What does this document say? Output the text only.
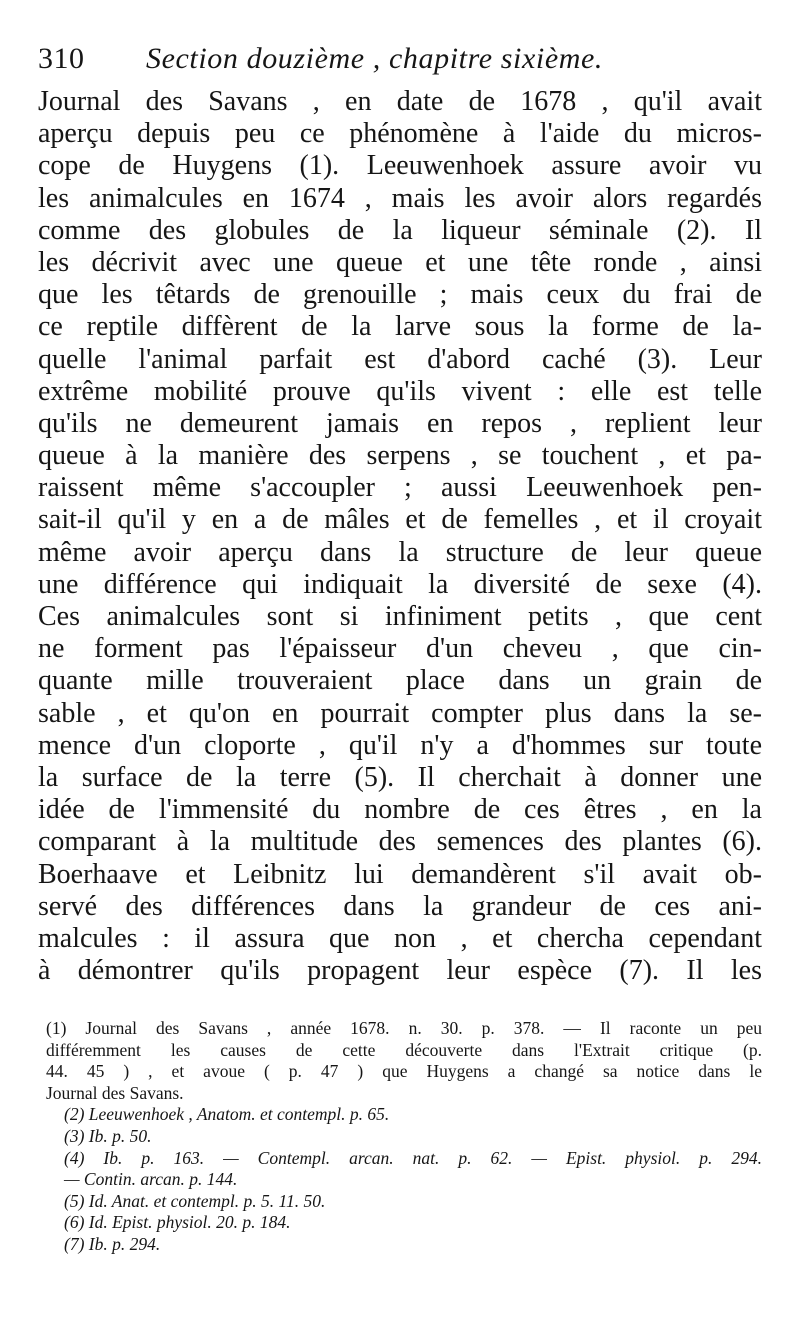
310 Section douzième , chapitre sixième.
Journal des Savans , en date de 1678 , qu'il avait
aperçu depuis peu ce phénomène à l'aide du micros-
cope de Huygens (1). Leeuwenhoek assure avoir vu
les animalcules en 1674 , mais les avoir alors regardés
comme des globules de la liqueur séminale (2). Il
les décrivit avec une queue et une tête ronde , ainsi
que les têtards de grenouille ; mais ceux du frai de
ce reptile diffèrent de la larve sous la forme de la-
quelle l'animal parfait est d'abord caché (3). Leur
extrême mobilité prouve qu'ils vivent : elle est telle
qu'ils ne demeurent jamais en repos , replient leur
queue à la manière des serpens , se touchent , et pa-
raissent même s'accoupler ; aussi Leeuwenhoek pen-
sait-il qu'il y en a de mâles et de femelles , et il croyait
même avoir aperçu dans la structure de leur queue
une différence qui indiquait la diversité de sexe (4).
Ces animalcules sont si infiniment petits , que cent
ne forment pas l'épaisseur d'un cheveu , que cin-
quante mille trouveraient place dans un grain de
sable , et qu'on en pourrait compter plus dans la se-
mence d'un cloporte , qu'il n'y a d'hommes sur toute
la surface de la terre (5). Il cherchait à donner une
idée de l'immensité du nombre de ces êtres , en la
comparant à la multitude des semences des plantes (6).
Boerhaave et Leibnitz lui demandèrent s'il avait ob-
servé des différences dans la grandeur de ces ani-
malcules : il assura que non , et chercha cependant
à démontrer qu'ils propagent leur espèce (7). Il les
(1) Journal des Savans , année 1678. n. 30. p. 378. — Il raconte un peu
différemment les causes de cette découverte dans l'Extrait critique (p.
44. 45 ) , et avoue ( p. 47 ) que Huygens a changé sa notice dans le
Journal des Savans.
(2) Leeuwenhoek , Anatom. et contempl. p. 65.
(3) Ib. p. 50.
(4) Ib. p. 163. — Contempl. arcan. nat. p. 62. — Epist. physiol. p. 294.
— Contin. arcan. p. 144.
(5) Id. Anat. et contempl. p. 5. 11. 50.
(6) Id. Epist. physiol. 20. p. 184.
(7) Ib. p. 294.
